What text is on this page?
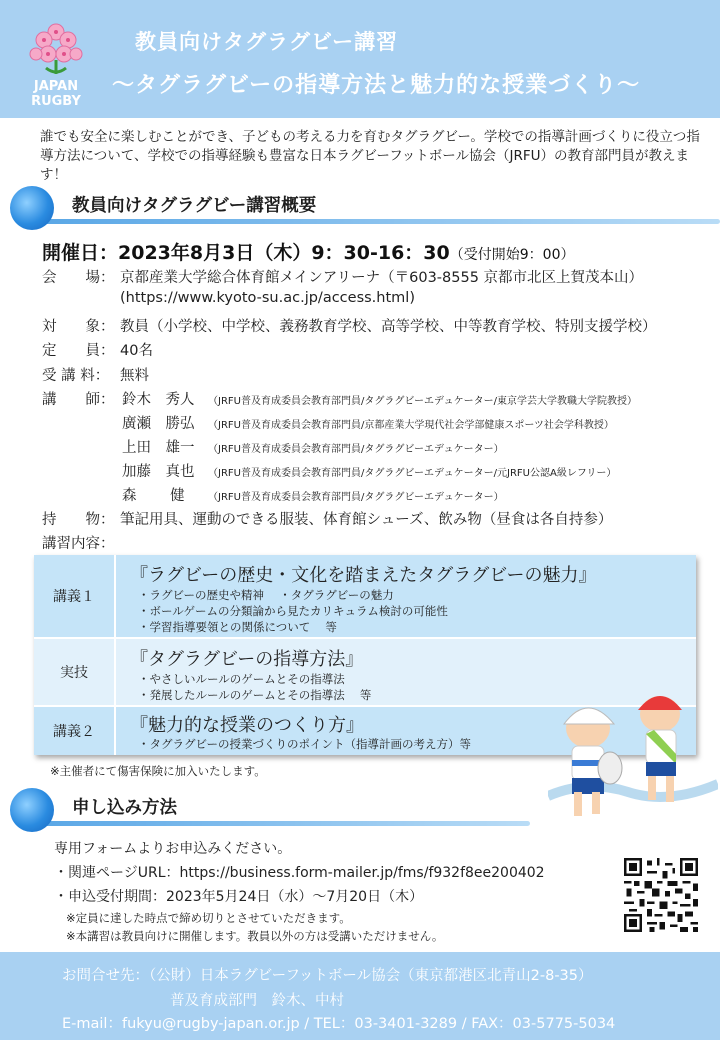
JAPAN
RUGBY
教員向けタグラグビー講習
～タグラグビーの指導方法と魅力的な授業づくり～
誰でも安全に楽しむことができ、子どもの考える力を育むタグラグビー。学校での指導計画づくりに役立つ指導方法について、学校での指導経験も豊富な日本ラグビーフットボール協会（JRFU）の教育部門員が教えます！
教員向けタグラグビー講習概要
開催日：2023年8月3日（木）9：30-16：30（受付開始9：00）
会　　場： 京都産業大学総合体育館メインアリーナ（〒603-8555 京都市北区上賀茂本山）
(https://www.kyoto-su.ac.jp/access.html)
対　　象： 教員（小学校、中学校、義務教育学校、高等学校、中等教育学校、特別支援学校）
定　　員： 40名
受 講 料： 無料
講　　師： 鈴木　秀人 （JRFU普及育成委員会教育部門員/タグラグビーエデュケーター/東京学芸大学教職大学院教授）
廣瀬　勝弘 （JRFU普及育成委員会教育部門員/京都産業大学現代社会学部健康スポーツ社会学科教授）
上田　雄一 （JRFU普及育成委員会教育部門員/タグラグビーエデュケーター）
加藤　真也 （JRFU普及育成委員会教育部門員/タグラグビーエデュケーター/元JRFU公認A級レフリー）
森　　 健 （JRFU普及育成委員会教育部門員/タグラグビーエデュケーター）
持　　物： 筆記用具、運動のできる服装、体育館シューズ、飲み物（昼食は各自持参）
講習内容：
講義１
『ラグビーの歴史・文化を踏まえたタグラグビーの魅力』
・ラグビーの歴史や精神　 ・タグラグビーの魅力
・ボールゲームの分類論から見たカリキュラム検討の可能性
・学習指導要領との関係について　 等
実技
『タグラグビーの指導方法』
・やさしいルールのゲームとその指導法
・発展したルールのゲームとその指導法　 等
講義２	『魅力的な授業のつくり方』
・タグラグビーの授業づくりのポイント（指導計画の考え方）等
※主催者にて傷害保険に加入いたします。
申し込み方法
専用フォームよりお申込みください。
・関連ページURL：https://business.form-mailer.jp/fms/f932f8ee200402
・申込受付期間：2023年5月24日（水）～7月20日（木）
※定員に達した時点で締め切りとさせていただきます。
※本講習は教員向けに開催します。教員以外の方は受講いただけません。
お問合せ先：（公財）日本ラグビーフットボール協会（東京都港区北青山2-8-35）
普及育成部門　鈴木、中村
E-mail：fukyu@rugby-japan.or.jp / TEL：03-3401-3289 / FAX：03-5775-5034
